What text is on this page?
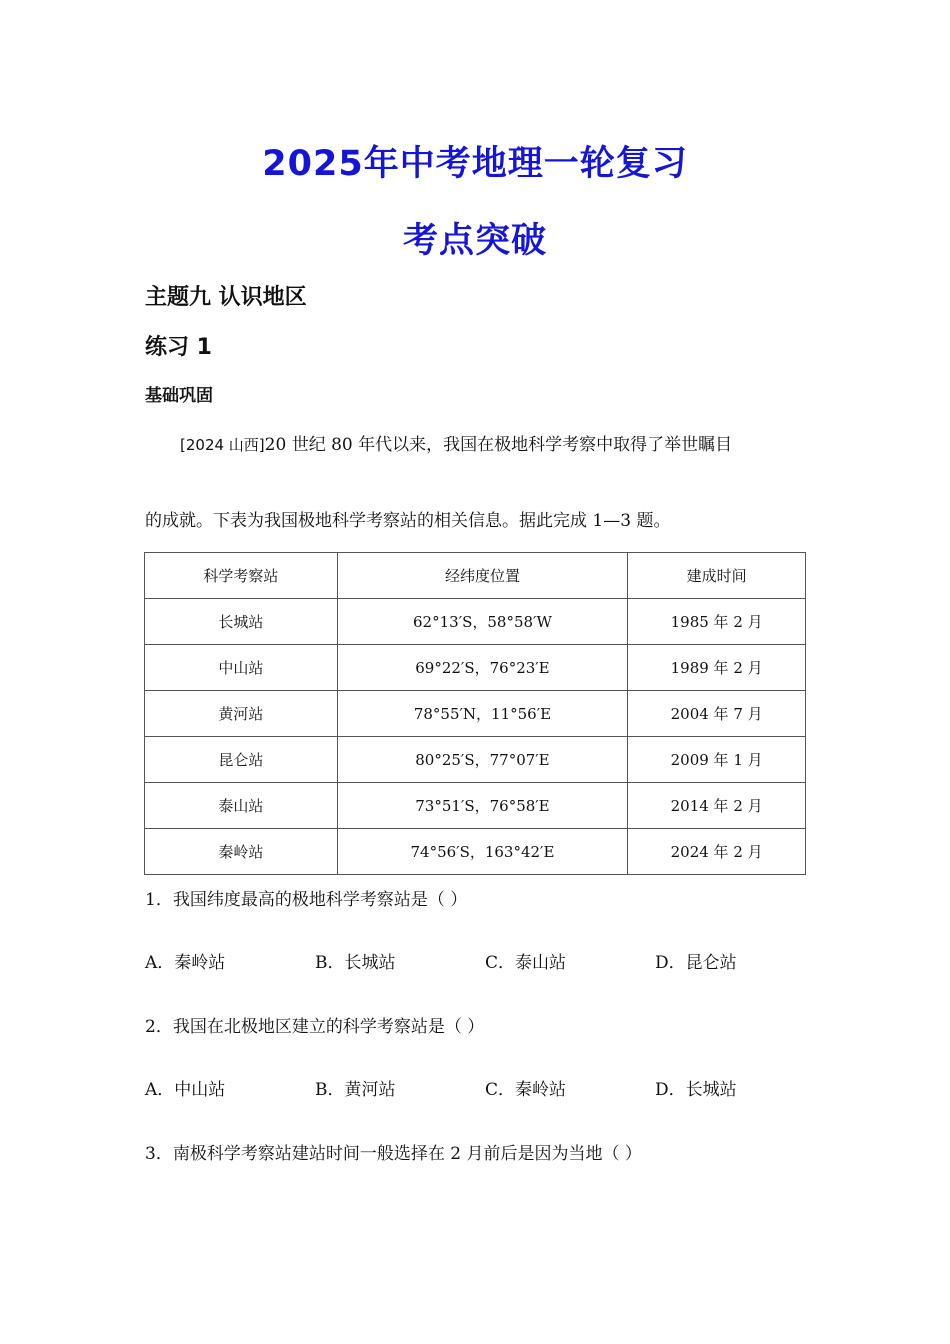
2025年中考地理一轮复习
考点突破
主题九 认识地区
练习 1
基础巩固
[2024 山西]20 世纪 80 年代以来，我国在极地科学考察中取得了举世瞩目
的成就。下表为我国极地科学考察站的相关信息。据此完成 1—3 题。
科学考察站	经纬度位置	建成时间
长城站	62°13′S，58°58′W	1985 年 2 月
中山站	69°22′S，76°23′E	1989 年 2 月
黄河站	78°55′N，11°56′E	2004 年 7 月
昆仑站	80°25′S，77°07′E	2009 年 1 月
泰山站	73°51′S，76°58′E	2014 年 2 月
秦岭站	74°56′S，163°42′E	2024 年 2 月
1．我国纬度最高的极地科学考察站是（ ）
A．秦岭站	B．长城站	C．泰山站	D．昆仑站
2．我国在北极地区建立的科学考察站是（ ）
A．中山站	B．黄河站	C．秦岭站	D．长城站
3．南极科学考察站建站时间一般选择在 2 月前后是因为当地（ ）
